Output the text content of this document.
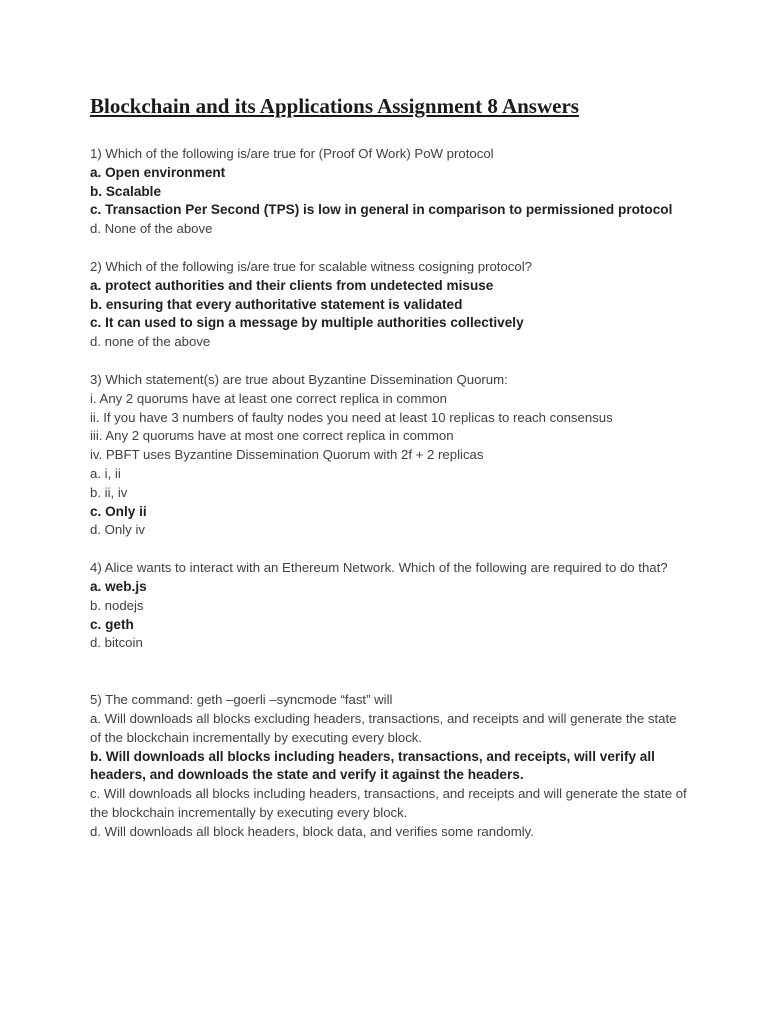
Blockchain and its Applications Assignment 8 Answers

1) Which of the following is/are true for (Proof Of Work) PoW protocol

a. Open environment

b. Scalable

c. Transaction Per Second (TPS) is low in general in comparison to permissioned protocol

d. None of the above

2) Which of the following is/are true for scalable witness cosigning protocol?

a. protect authorities and their clients from undetected misuse

b. ensuring that every authoritative statement is validated

c. It can used to sign a message by multiple authorities collectively

d. none of the above

3) Which statement(s) are true about Byzantine Dissemination Quorum:

i. Any 2 quorums have at least one correct replica in common

ii. If you have 3 numbers of faulty nodes you need at least 10 replicas to reach consensus

iii. Any 2 quorums have at most one correct replica in common

iv. PBFT uses Byzantine Dissemination Quorum with 2f + 2 replicas

a. i, ii

b. ii, iv

c. Only ii

d. Only iv

4) Alice wants to interact with an Ethereum Network. Which of the following are required to do that?

a. web.js

b. nodejs

c. geth

d. bitcoin

5) The command: geth –goerli –syncmode “fast” will

a. Will downloads all blocks excluding headers, transactions, and receipts and will generate the state of the blockchain incrementally by executing every block.

b. Will downloads all blocks including headers, transactions, and receipts, will verify all headers, and downloads the state and verify it against the headers.

c. Will downloads all blocks including headers, transactions, and receipts and will generate the state of the blockchain incrementally by executing every block.

d. Will downloads all block headers, block data, and verifies some randomly.
